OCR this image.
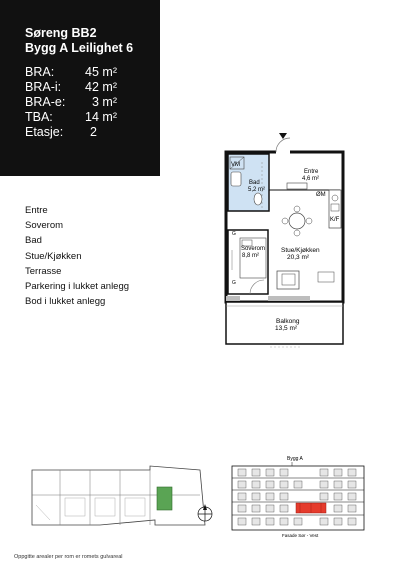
Søreng BB2
Bygg A Leilighet 6
BRA:	45 m²
BRA-i:	42 m²
BRA-e:	3 m²
TBA:	14 m²
Etasje:	2
Entre
Soverom
Bad
Stue/Kjøkken
Terrasse
Parkering i lukket anlegg
Bod i lukket anlegg
VM
Bad
5,2 m²
Entre
4,6 m²
ØM
K/F
G
G
Soverom
8,8 m²
Stue/Kjøkken
20,3 m²
Balkong
13,5 m²
Bygg A
Fasade Sør - Vest
Oppgitte arealer per rom er romets gulvareal
